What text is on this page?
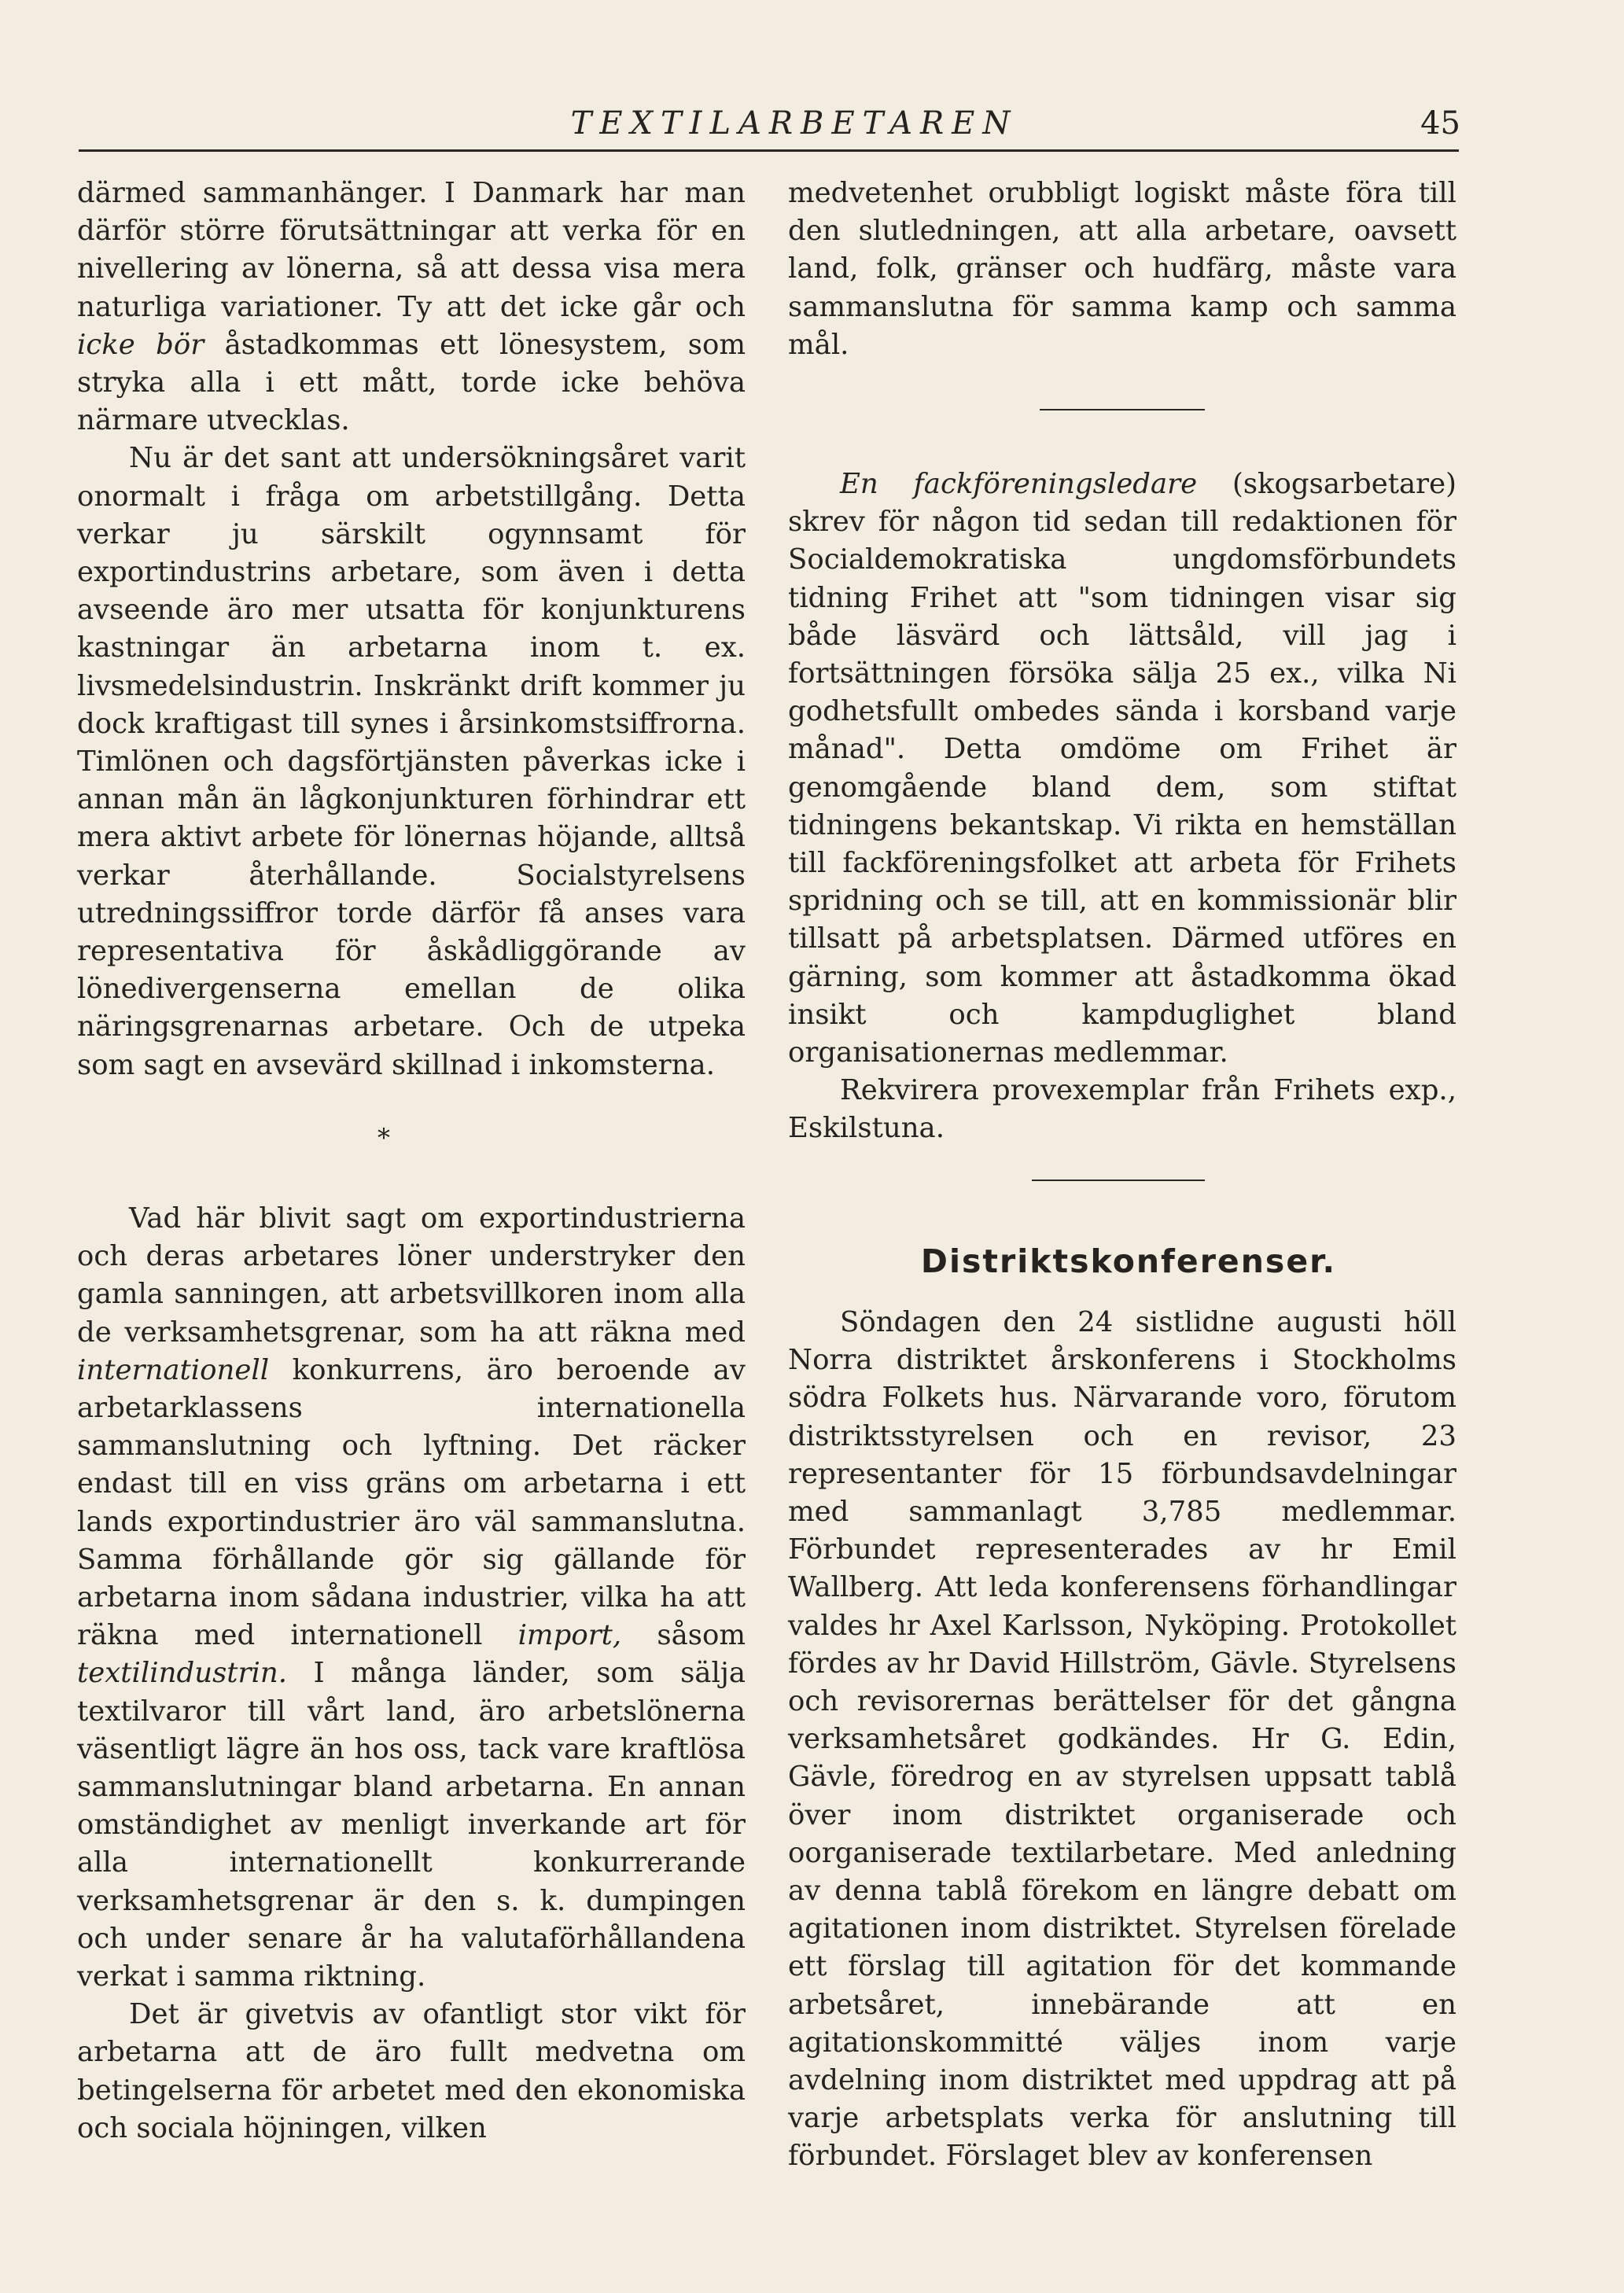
TEXTILARBETAREN	45

därmed sammanhänger. I Danmark har man därför större förutsättningar att verka för en nivellering av lönerna, så att dessa visa mera naturliga variationer. Ty att det icke går och icke bör åstadkommas ett lönesystem, som stryka alla i ett mått, torde icke behöva närmare utvecklas.

Nu är det sant att undersökningsåret varit onormalt i fråga om arbetstillgång. Detta verkar ju särskilt ogynnsamt för exportindustrins arbetare, som även i detta avseende äro mer utsatta för konjunkturens kastningar än arbetarna inom t. ex. livsmedelsindustrin. Inskränkt drift kommer ju dock kraftigast till synes i årsinkomstsiffrorna. Timlönen och dagsförtjänsten påverkas icke i annan mån än lågkonjunkturen förhindrar ett mera aktivt arbete för lönernas höjande, alltså verkar återhållande. Socialstyrelsens utredningssiffror torde därför få anses vara representativa för åskådliggörande av lönedivergenserna emellan de olika näringsgrenarnas arbetare. Och de utpeka som sagt en avsevärd skillnad i inkomsterna.

*

Vad här blivit sagt om exportindustrierna och deras arbetares löner understryker den gamla sanningen, att arbetsvillkoren inom alla de verksamhetsgrenar, som ha att räkna med internationell konkurrens, äro beroende av arbetarklassens internationella sammanslutning och lyftning. Det räcker endast till en viss gräns om arbetarna i ett lands exportindustrier äro väl sammanslutna. Samma förhållande gör sig gällande för arbetarna inom sådana industrier, vilka ha att räkna med internationell import, såsom textilindustrin. I många länder, som sälja textilvaror till vårt land, äro arbetslönerna väsentligt lägre än hos oss, tack vare kraftlösa sammanslutningar bland arbetarna. En annan omständighet av menligt inverkande art för alla internationellt konkurrerande verksamhetsgrenar är den s. k. dumpingen och under senare år ha valutaförhållandena verkat i samma riktning.

Det är givetvis av ofantligt stor vikt för arbetarna att de äro fullt medvetna om betingelserna för arbetet med den ekonomiska och sociala höjningen, vilken

medvetenhet orubbligt logiskt måste föra till den slutledningen, att alla arbetare, oavsett land, folk, gränser och hudfärg, måste vara sammanslutna för samma kamp och samma mål.

En fackföreningsledare (skogsarbetare) skrev för någon tid sedan till redaktionen för Socialdemokratiska ungdomsförbundets tidning Frihet att "som tidningen visar sig både läsvärd och lättsåld, vill jag i fortsättningen försöka sälja 25 ex., vilka Ni godhetsfullt ombedes sända i korsband varje månad". Detta omdöme om Frihet är genomgående bland dem, som stiftat tidningens bekantskap. Vi rikta en hemställan till fackföreningsfolket att arbeta för Frihets spridning och se till, att en kommissionär blir tillsatt på arbetsplatsen. Därmed utföres en gärning, som kommer att åstadkomma ökad insikt och kampduglighet bland organisationernas medlemmar.

Rekvirera provexemplar från Frihets exp., Eskilstuna.

Distriktskonferenser.

Söndagen den 24 sistlidne augusti höll Norra distriktet årskonferens i Stockholms södra Folkets hus. Närvarande voro, förutom distriktsstyrelsen och en revisor, 23 representanter för 15 förbundsavdelningar med sammanlagt 3,785 medlemmar. Förbundet representerades av hr Emil Wallberg. Att leda konferensens förhandlingar valdes hr Axel Karlsson, Nyköping. Protokollet fördes av hr David Hillström, Gävle. Styrelsens och revisorernas berättelser för det gångna verksamhetsåret godkändes. Hr G. Edin, Gävle, föredrog en av styrelsen uppsatt tablå över inom distriktet organiserade och oorganiserade textilarbetare. Med anledning av denna tablå förekom en längre debatt om agitationen inom distriktet. Styrelsen förelade ett förslag till agitation för det kommande arbetsåret, innebärande att en agitationskommitté väljes inom varje avdelning inom distriktet med uppdrag att på varje arbetsplats verka för anslutning till förbundet. Förslaget blev av konferensen
